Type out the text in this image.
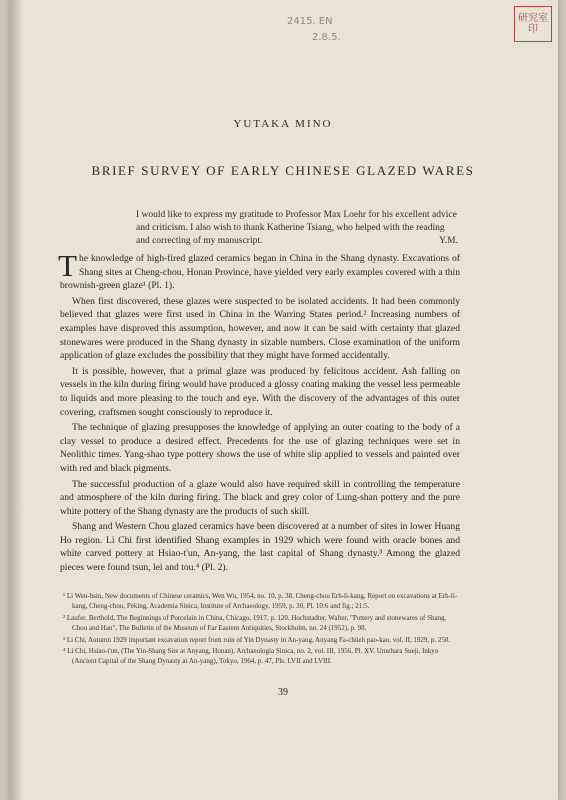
2415. EN
2.8.5.
研究室 印
YUTAKA MINO
BRIEF SURVEY OF EARLY CHINESE GLAZED WARES
I would like to express my gratitude to Professor Max Loehr for his excellent advice and criticism. I also wish to thank Katherine Tsiang, who helped with the reading and correcting of my manuscript.	Y.M.

The knowledge of high-fired glazed ceramics began in China in the Shang dynasty. Excavations of Shang sites at Cheng-chou, Honan Province, have yielded very early examples covered with a thin brownish-green glaze¹ (Pl. 1).

When first discovered, these glazes were suspected to be isolated accidents. It had been commonly believed that glazes were first used in China in the Warring States period.² Increasing numbers of examples have disproved this assumption, however, and now it can be said with certainty that glazed stonewares were produced in the Shang dynasty in sizable numbers. Close examination of the uniform application of glaze excludes the possibility that they might have formed accidentally.

It is possible, however, that a primal glaze was produced by felicitous accident. Ash falling on vessels in the kiln during firing would have produced a glossy coating making the vessel less permeable to liquids and more pleasing to the touch and eye. With the discovery of the advantages of this outer covering, craftsmen sought consciously to reproduce it.

The technique of glazing presupposes the knowledge of applying an outer coating to the body of a clay vessel to produce a desired effect. Precedents for the use of glazing techniques were set in Neolithic times. Yang-shao type pottery shows the use of white slip applied to vessels and painted over with red and black pigments.

The successful production of a glaze would also have required skill in controlling the temperature and atmosphere of the kiln during firing. The black and grey color of Lung-shan pottery and the pure white pottery of the Shang dynasty are the products of such skill.

Shang and Western Chou glazed ceramics have been discovered at a number of sites in lower Huang Ho region. Li Chi first identified Shang examples in 1929 which were found with oracle bones and white carved pottery at Hsiao-t'un, An-yang, the last capital of Shang dynasty.³ Among the glazed pieces were found tsun, lei and tou.⁴ (Pl. 2).

¹ Li Wen-hsin, New documents of Chinese ceramics, Wen Wu, 1954, no. 10, p. 38. Cheng-chou Erh-li-kang, Report on excavations at Erh-li-kang, Cheng-chou, Peking, Academia Sinica, Institute of Archaeology, 1959, p. 30, Pl. 10:6 and fig.; 21:5.

² Laufer, Berthold, The Beginnings of Porcelain in China, Chicago, 1917, p. 120. Hochstadter, Walter, "Pottery and stonewares of Shang, Chou and Han", The Bulletin of the Museum of Far Eastern Antiquities, Stockholm, no. 24 (1952), p. 98.

³ Li Chi, Autumn 1929 important excavation report from ruin of Yin Dynasty in An-yang, Anyang Fa-chüeh pao-kao, vol. II, 1929, p. 250.

⁴ Li Chi, Hsiao-t'un, (The Yin-Shang Site at Anyang, Honan), Archaeologia Sinica, no. 2, vol. III, 1956, Pl. XV. Umehara Sueji, Inkyo (Ancient Capital of the Shang Dynasty at An-yang), Tokyo, 1964, p. 47, Pls. LVII and LVIII.

39
